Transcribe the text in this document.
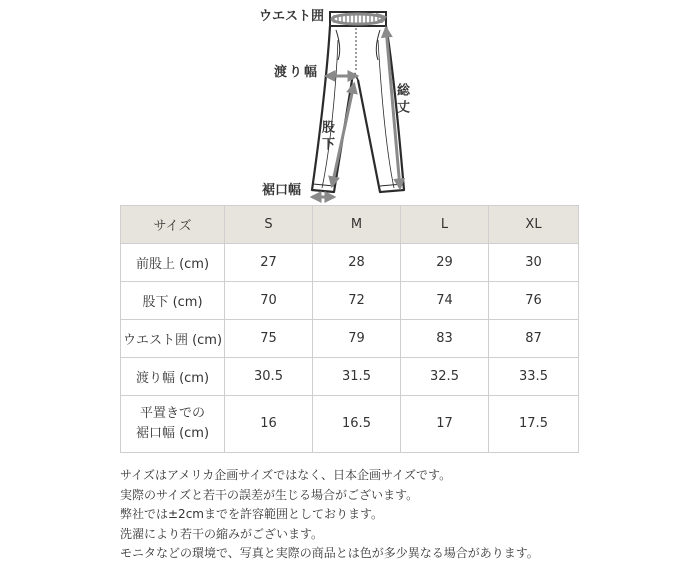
ウエスト囲
渡り幅
股下
総丈
裾口幅
サイズ	S	M	L	XL

前股上 (cm)	27	28	29	30

股下 (cm)	70	72	74	76

ウエスト囲 (cm)	75	79	83	87

渡り幅 (cm)	30.5	31.5	32.5	33.5

平置きでの
裾口幅 (cm)	16	16.5	17	17.5

サイズはアメリカ企画サイズではなく、日本企画サイズです。

実際のサイズと若干の誤差が生じる場合がございます。

弊社では±2cmまでを許容範囲としております。

洗濯により若干の縮みがございます。

モニタなどの環境で、写真と実際の商品とは色が多少異なる場合があります。
